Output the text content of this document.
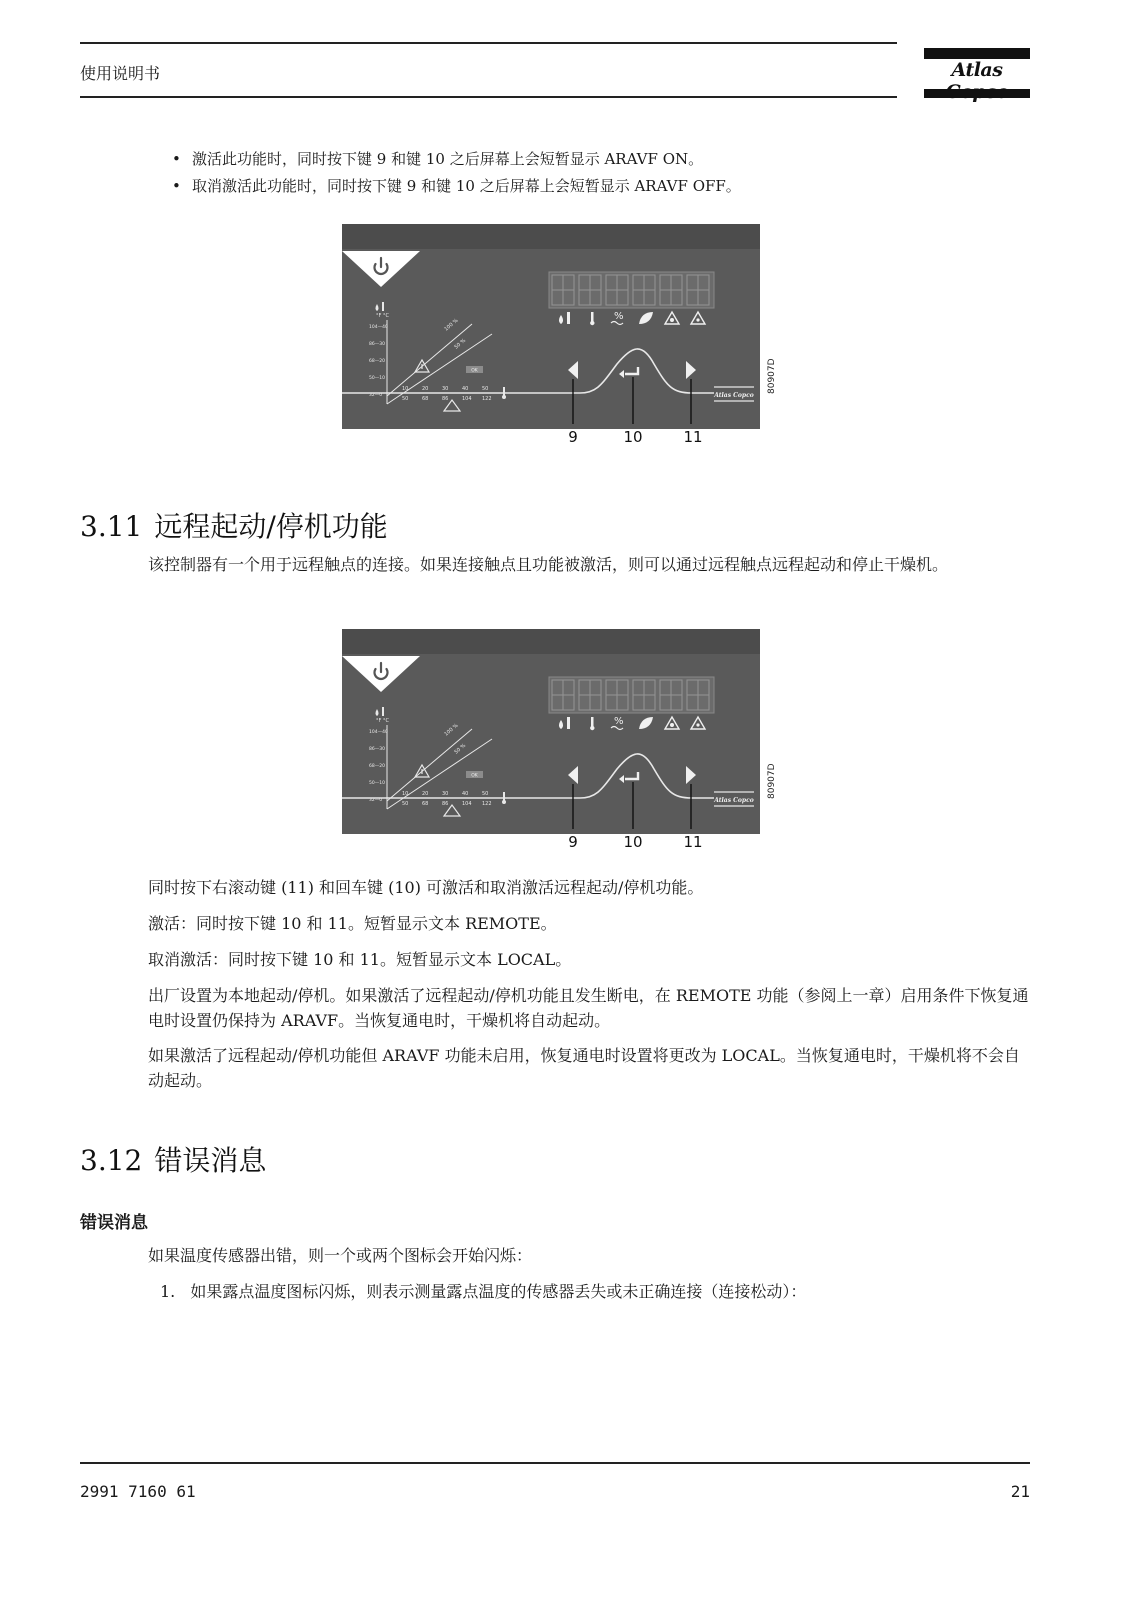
使用说明书	Atlas
• 激活此功能时，同时按下键 9 和键 10 之后屏幕上会短暂显示 ARAVF ON。
• 取消激活此功能时，同时按下键 9 和键 10 之后屏幕上会短暂显示 ARAVF OFF。
%
°F °C
104—40
86—30
68—20
50—10
32—0
100 %
50 %
OK
10
50
20
68
30
86
40
104
50
122	Atlas Copco
80907D
9	10	11
3.11 远程起动/停机功能
该控制器有一个用于远程触点的连接。如果连接触点且功能被激活，则可以通过远程触点远程起动和停止干燥机。
%
°F °C
104—40
86—30
68—20
50—10
32—0
100 %
50 %
OK
10
50
20
68
30
86
40
104
50
122	Atlas Copco
80907D
9	10	11
同时按下右滚动键 (11) 和回车键 (10) 可激活和取消激活远程起动/停机功能。
激活：同时按下键 10 和 11。短暂显示文本 REMOTE。
取消激活：同时按下键 10 和 11。短暂显示文本 LOCAL。
出厂设置为本地起动/停机。如果激活了远程起动/停机功能且发生断电，在 REMOTE 功能（参阅上一章）启用条件下恢复通电时设置仍保持为 ARAVF。当恢复通电时，干燥机将自动起动。
如果激活了远程起动/停机功能但 ARAVF 功能未启用，恢复通电时设置将更改为 LOCAL。当恢复通电时，干燥机将不会自动起动。
3.12 错误消息
错误消息
如果温度传感器出错，则一个或两个图标会开始闪烁：
1. 如果露点温度图标闪烁，则表示测量露点温度的传感器丢失或未正确连接（连接松动）：
2991 7160 61	21
